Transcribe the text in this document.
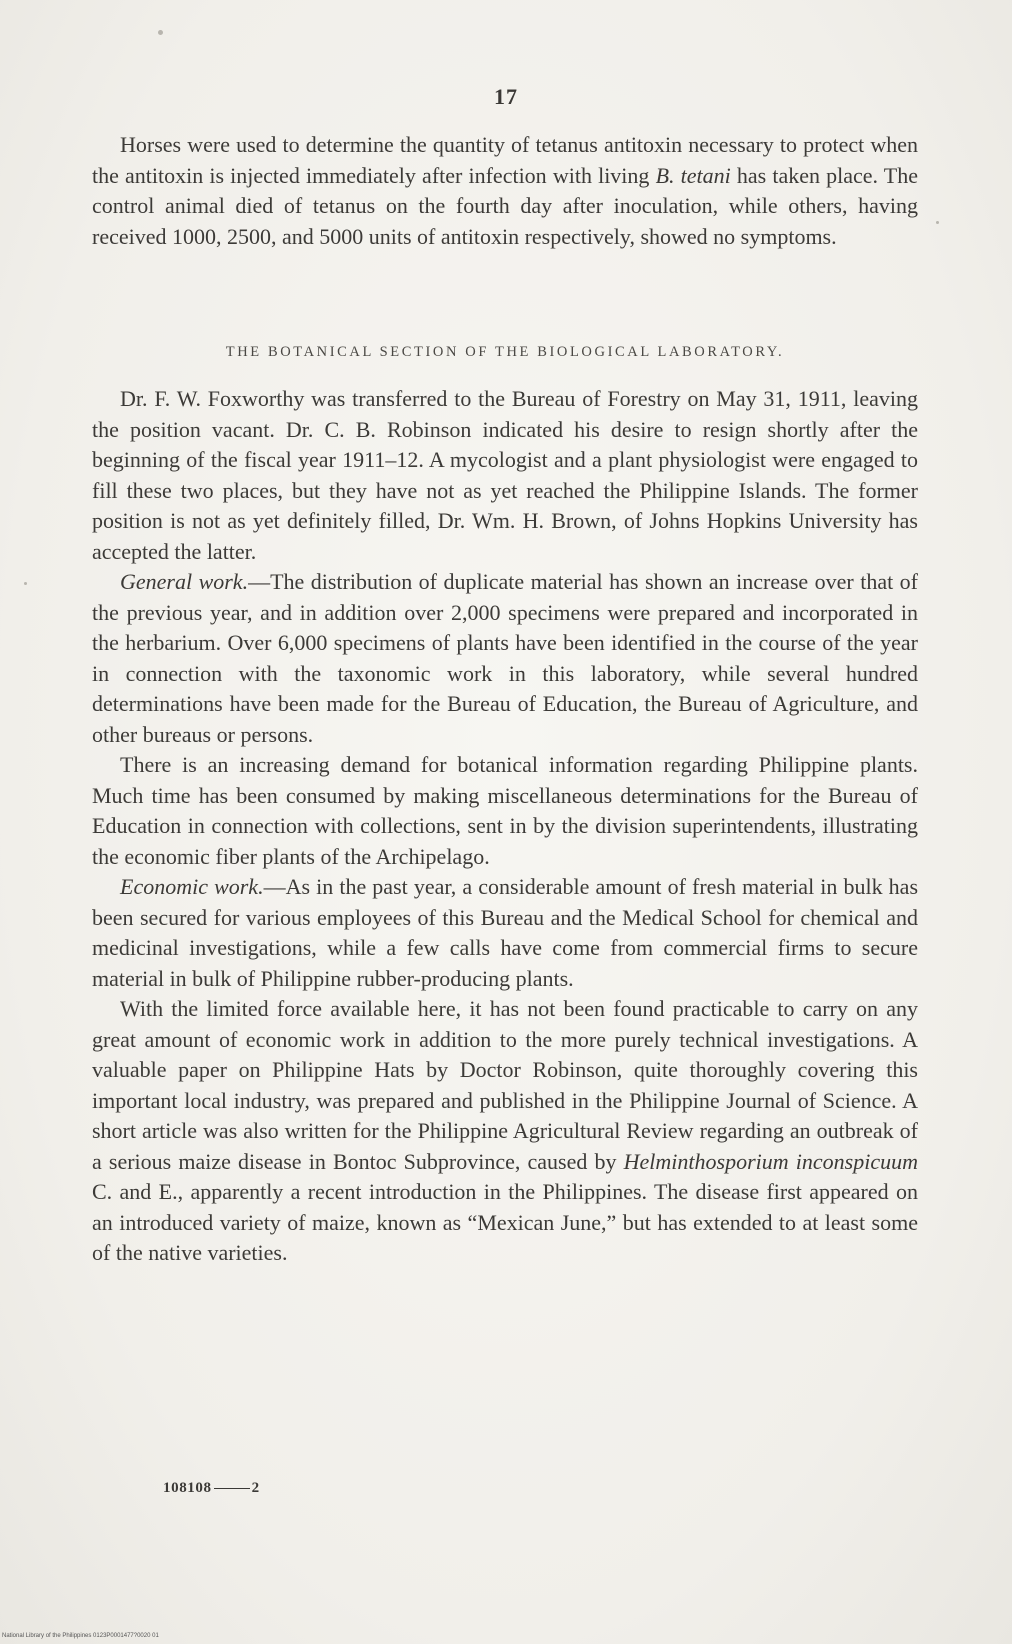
17

Horses were used to determine the quantity of tetanus antitoxin necessary to protect when the antitoxin is injected immediately after infection with living B. tetani has taken place. The control animal died of tetanus on the fourth day after inoculation, while others, having received 1000, 2500, and 5000 units of antitoxin respectively, showed no symptoms.

THE BOTANICAL SECTION OF THE BIOLOGICAL LABORATORY.

Dr. F. W. Foxworthy was transferred to the Bureau of Forestry on May 31, 1911, leaving the position vacant. Dr. C. B. Robinson indicated his desire to resign shortly after the beginning of the fiscal year 1911–12. A mycologist and a plant physiologist were engaged to fill these two places, but they have not as yet reached the Philippine Islands. The former position is not as yet definitely filled, Dr. Wm. H. Brown, of Johns Hopkins University has accepted the latter.

General work.—The distribution of duplicate material has shown an increase over that of the previous year, and in addition over 2,000 specimens were prepared and incorporated in the herbarium. Over 6,000 specimens of plants have been identified in the course of the year in connection with the taxonomic work in this laboratory, while several hundred determinations have been made for the Bureau of Education, the Bureau of Agriculture, and other bureaus or persons.

There is an increasing demand for botanical information regarding Philippine plants. Much time has been consumed by making miscellaneous determinations for the Bureau of Education in connection with collections, sent in by the division superintendents, illustrating the economic fiber plants of the Archipelago.

Economic work.—As in the past year, a considerable amount of fresh material in bulk has been secured for various employees of this Bureau and the Medical School for chemical and medicinal investigations, while a few calls have come from commercial firms to secure material in bulk of Philippine rubber-producing plants.

With the limited force available here, it has not been found practicable to carry on any great amount of economic work in addition to the more purely technical investigations. A valuable paper on Philippine Hats by Doctor Robinson, quite thoroughly covering this important local industry, was prepared and published in the Philippine Journal of Science. A short article was also written for the Philippine Agricultural Review regarding an outbreak of a serious maize disease in Bontoc Subprovince, caused by Helminthosporium inconspicuum C. and E., apparently a recent introduction in the Philippines. The disease first appeared on an introduced variety of maize, known as “Mexican June,” but has extended to at least some of the native varieties.

108108	2
National Library of the Philippines 0123P0001477?0020 01
